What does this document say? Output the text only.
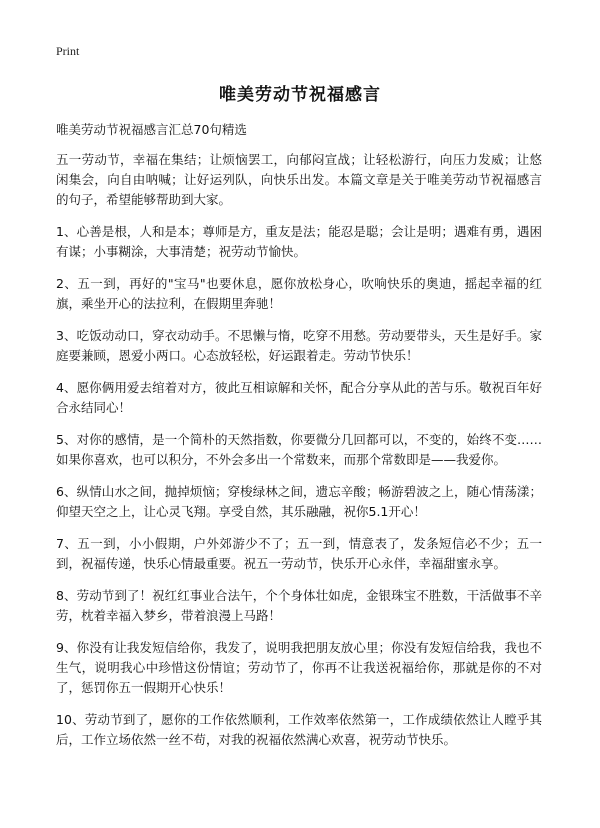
Print
唯美劳动节祝福感言
唯美劳动节祝福感言汇总70句精选

五一劳动节，幸福在集结；让烦恼罢工，向郁闷宣战；让轻松游行，向压力发威；让悠闲集会，向自由呐喊；让好运列队，向快乐出发。本篇文章是关于唯美劳动节祝福感言的句子，希望能够帮助到大家。

1、心善是根，人和是本；尊师是方，重友是法；能忍是聪；会让是明；遇难有勇，遇困有谋；小事糊涂，大事清楚；祝劳动节愉快。

2、五一到，再好的"宝马"也要休息，愿你放松身心，吹响快乐的奥迪，摇起幸福的红旗，乘坐开心的法拉利，在假期里奔驰！

3、吃饭动动口，穿衣动动手。不思懒与惰，吃穿不用愁。劳动要带头，天生是好手。家庭要兼顾，恩爱小两口。心态放轻松，好运跟着走。劳动节快乐！

4、愿你俩用爱去绾着对方，彼此互相谅解和关怀，配合分享从此的苦与乐。敬祝百年好合永结同心！

5、对你的感情，是一个简朴的天然指数，你要微分几回都可以，不变的，始终不变……如果你喜欢，也可以积分，不外会多出一个常数来，而那个常数即是——我爱你。

6、纵情山水之间，抛掉烦恼；穿梭绿林之间，遗忘辛酸；畅游碧波之上，随心情荡漾；仰望天空之上，让心灵飞翔。享受自然，其乐融融，祝你5.1开心！

7、五一到，小小假期，户外郊游少不了；五一到，情意表了，发条短信必不少；五一到，祝福传递，快乐心情最重要。祝五一劳动节，快乐开心永伴，幸福甜蜜永享。

8、劳动节到了！祝红红事业合法午，个个身体壮如虎，金银珠宝不胜数，干活做事不辛劳，枕着幸福入梦乡，带着浪漫上马路！

9、你没有让我发短信给你，我发了，说明我把朋友放心里；你没有发短信给我，我也不生气，说明我心中珍惜这份情谊；劳动节了，你再不让我送祝福给你，那就是你的不对了，惩罚你五一假期开心快乐！

10、劳动节到了，愿你的工作依然顺利，工作效率依然第一，工作成绩依然让人瞠乎其后，工作立场依然一丝不苟，对我的祝福依然满心欢喜，祝劳动节快乐。
